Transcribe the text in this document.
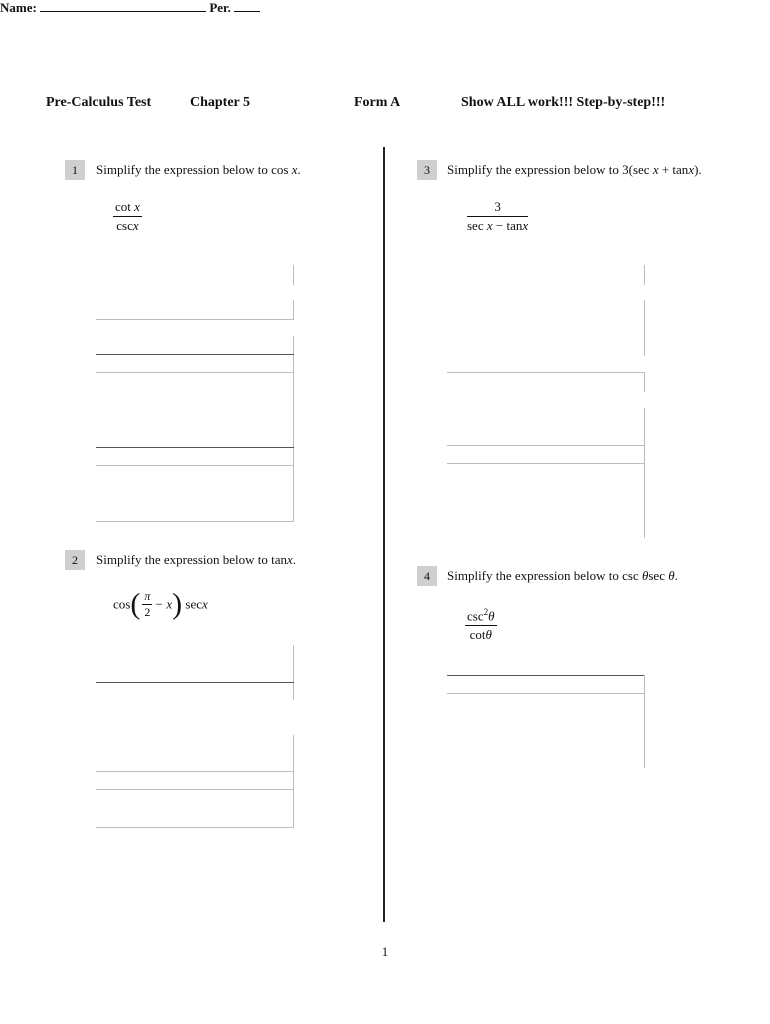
Name:	Per.
Pre-Calculus Test	Chapter 5	Form A	Show ALL work!!! Step-by-step!!!
1	Simplify the expression below to cos x.
cot x
cscx
2	Simplify the expression below to tanx.
$\cos( \frac{\pi}{2} - x)$ secx
3	Simplify the expression below to 3(sec x + tanx).
3
sec x − tanx
4	Simplify the expression below to csc θsec θ.
$\csc^2\theta$
cotθ
1
